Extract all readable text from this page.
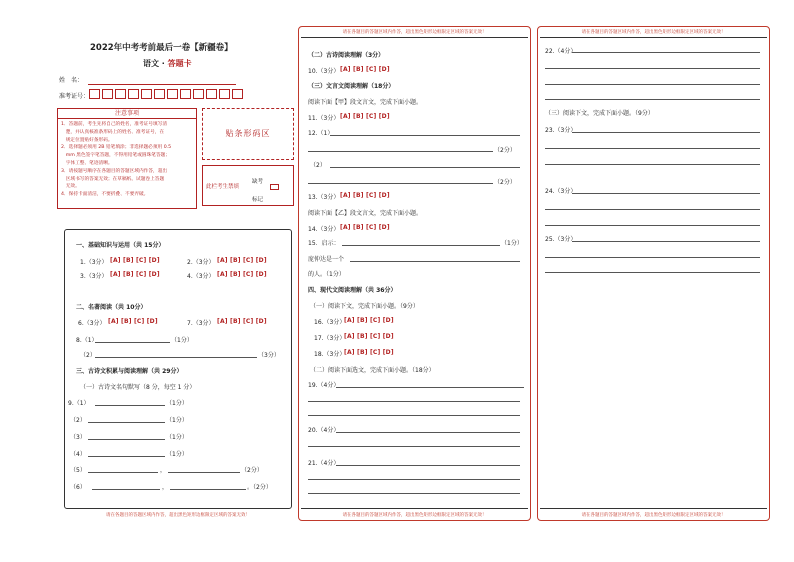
2022年中考考前最后一卷【新疆卷】
语文 · 答题卡
姓　名：
准考证号：
注意事项
1．答题前，考生先将自己的姓名，准考证号填写清
　楚，并认真核准条形码上的姓名、准考证号，在
　规定位置贴好条形码。
2．选择题必须用 2B 铅笔填涂；非选择题必须用 0.5
　mm 黑色签字笔答题，不得用铅笔或圆珠笔答题；
　字体工整、笔迹清晰。
3．请按题号顺序在各题目的答题区域内作答，超出
　区域书写的答案无效；在草稿纸、试题卷上答题
　无效。
4．保持卡面清洁，不要折叠、不要弄破。
贴条形码区
此栏考生禁填
缺考
标记
一、基础知识与运用（共 15分）
1.（3分） [A] [B] [C] [D]	2.（3分） [A] [B] [C] [D]
3.（3分） [A] [B] [C] [D]	4.（3分） [A] [B] [C] [D]
二、名著阅读（共 10分）
6.（3分） [A] [B] [C] [D]	7.（3分） [A] [B] [C] [D]
8.（1）	（1分）
（2）	（3分）
三、古诗文积累与阅读理解（共 29分）
（一）古诗文名句默写（8 分，每空 1 分）
9.（1）	（1分）
（2）	（1分）
（3）	（1分）
（4）	（1分）
（5）	，	（2分）
（6）	，	。（2分）
请在各题目的答题区域内作答，超出黑色矩形边框限定区域的答案无效！
请在各题目的答题区域内作答，超出黑色矩形边框限定区域的答案无效！
（二）古诗阅读理解（3分）
10.（3分） [A] [B] [C] [D]
（三）文言文阅读理解（18分）
阅读下面【甲】段文言文，完成下面小题。
11.（3分） [A] [B] [C] [D]
12.（1）
（2分）
（2）
（2分）
13.（3分） [A] [B] [C] [D]
阅读下面【乙】段文言文，完成下面小题。
14.（3分） [A] [B] [C] [D]
15．启示：	（1分）
庞仲达是一个
的人。（1分）
四、现代文阅读理解（共 36分）
（一）阅读下文，完成下面小题。（9分）
16.（3分）
[A] [B] [C] [D]
17.（3分）
[A] [B] [C] [D]
18.（3分）
[A] [B] [C] [D]
（二）阅读下面选文，完成下面小题。（18分）
19.（4分）
20.（4分）
21.（4分）
请在各题目的答题区域内作答，超出黑色矩形边框限定区域的答案无效！
请在各题目的答题区域内作答，超出黑色矩形边框限定区域的答案无效！
22.（4分）
（三）阅读下文，完成下面小题。（9分）
23.（3分）
24.（3分）
25.（3分）
请在各题目的答题区域内作答，超出黑色矩形边框限定区域的答案无效！
